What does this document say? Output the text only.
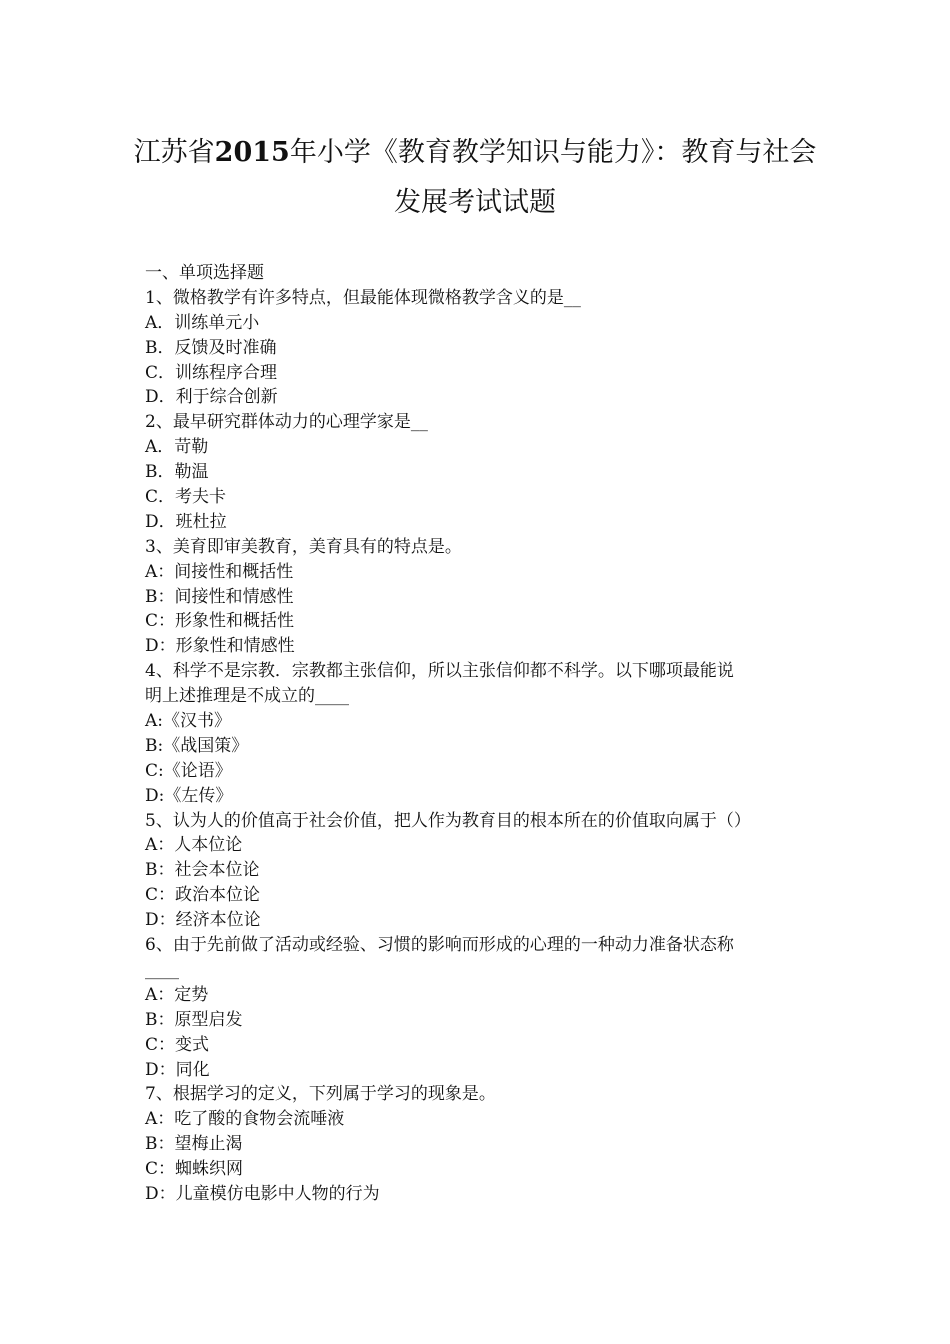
江苏省2015年小学《教育教学知识与能力》：教育与社会
发展考试试题
一、单项选择题
1、微格教学有许多特点，但最能体现微格教学含义的是__
A．训练单元小
B．反馈及时准确
C．训练程序合理
D．利于综合创新
2、最早研究群体动力的心理学家是__
A．苛勒
B．勒温
C．考夫卡
D．班杜拉
3、美育即审美教育，美育具有的特点是。
A：间接性和概括性
B：间接性和情感性
C：形象性和概括性
D：形象性和情感性
4、科学不是宗教．宗教都主张信仰，所以主张信仰都不科学。以下哪项最能说
明上述推理是不成立的____
A:《汉书》
B:《战国策》
C:《论语》
D:《左传》
5、认为人的价值高于社会价值，把人作为教育目的根本所在的价值取向属于（）
A：人本位论
B：社会本位论
C：政治本位论
D：经济本位论
6、由于先前做了活动或经验、习惯的影响而形成的心理的一种动力准备状态称
____
A：定势
B：原型启发
C：变式
D：同化
7、根据学习的定义，下列属于学习的现象是。
A：吃了酸的食物会流唾液
B：望梅止渴
C：蜘蛛织网
D：儿童模仿电影中人物的行为
